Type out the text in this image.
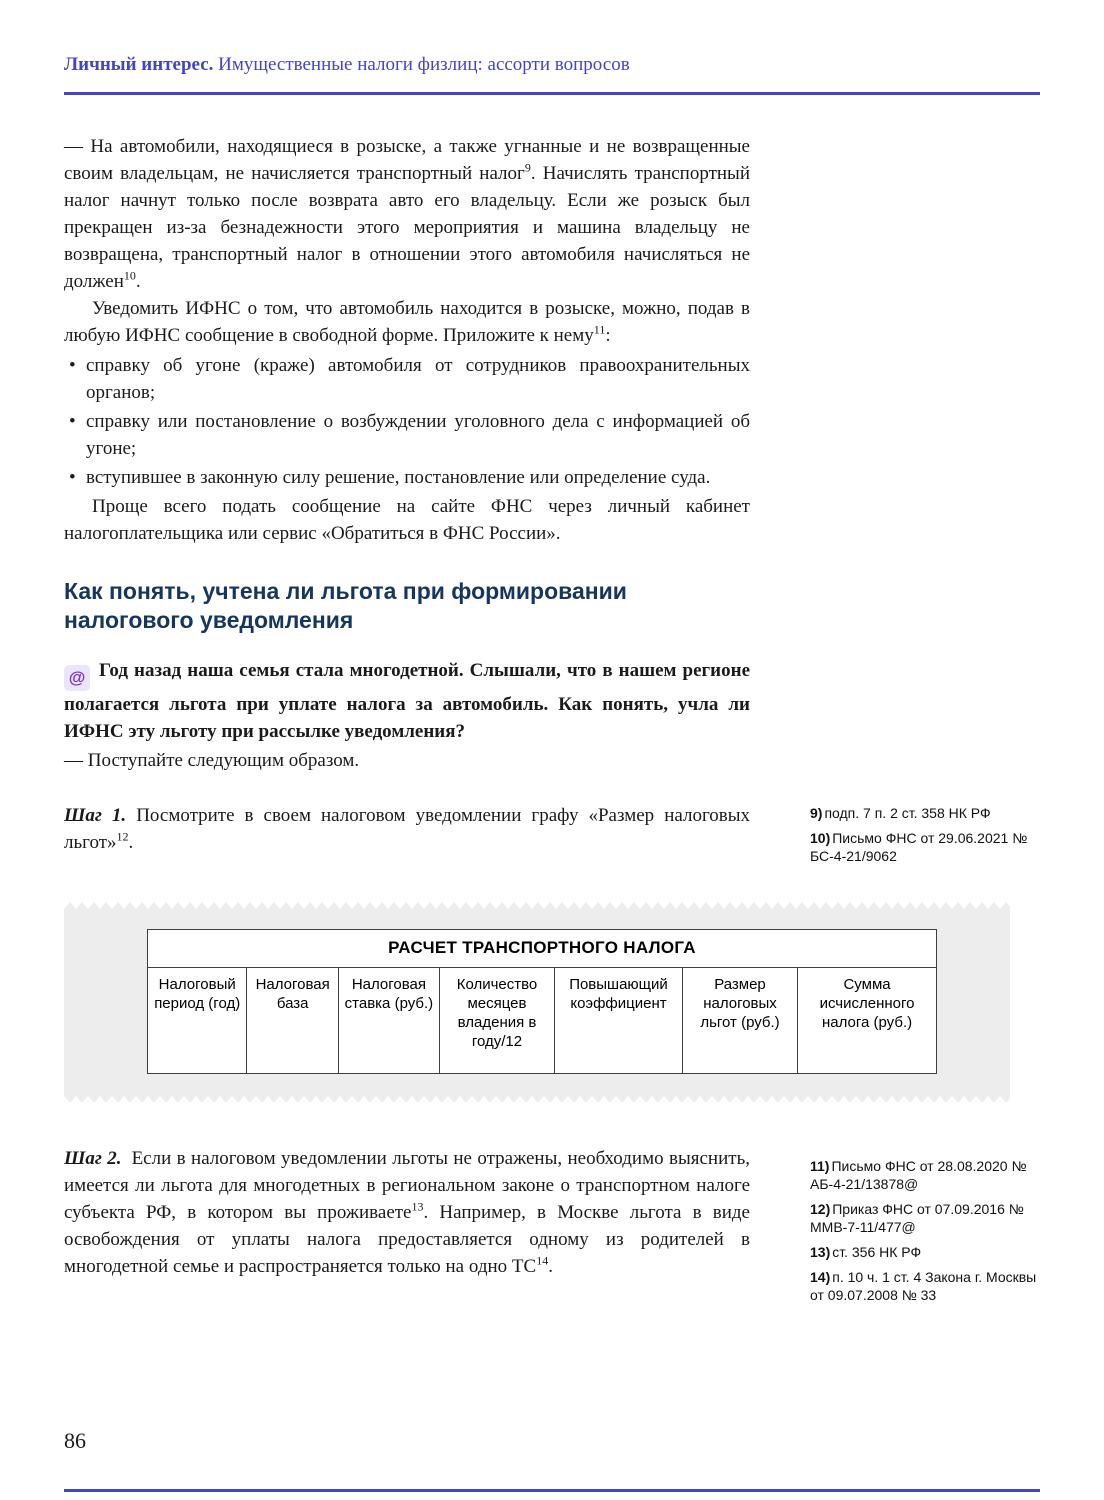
Личный интерес. Имущественные налоги физлиц: ассорти вопросов

— На автомобили, находящиеся в розыске, а также угнанные и не возвращенные своим владельцам, не начисляется транспортный налог$^9$. Начислять транспортный налог начнут только после возврата авто его владельцу. Если же розыск был прекращен из-за безнадежности этого мероприятия и машина владельцу не возвращена, транспортный налог в отношении этого автомобиля начисляться не должен$^{10}$.

Уведомить ИФНС о том, что автомобиль находится в розыске, можно, подав в любую ИФНС сообщение в свободной форме. Приложите к нему$^{11}$:

• справку об угоне (краже) автомобиля от сотрудников правоохранительных органов;
• справку или постановление о возбуждении уголовного дела с информацией об угоне;
• вступившее в законную силу решение, постановление или определение суда.

Проще всего подать сообщение на сайте ФНС через личный кабинет налогоплательщика или сервис «Обратиться в ФНС России».

Как понять, учтена ли льгота при формировании налогового уведомления

@ Год назад наша семья стала многодетной. Слышали, что в нашем регионе полагается льгота при уплате налога за автомобиль. Как понять, учла ли ИФНС эту льготу при рассылке уведомления?

— Поступайте следующим образом.

Шаг 1. Посмотрите в своем налоговом уведомлении графу «Размер налоговых льгот»$^{12}$.

9) подп. 7 п. 2 ст. 358 НК РФ
10) Письмо ФНС от 29.06.2021 № БС-4-21/9062
РАСЧЕТ ТРАНСПОРТНОГО НАЛОГА
Налоговый период (год)	Налоговая база	Налоговая ставка (руб.)	Количество месяцев владения в году/12	Повышающий коэффициент	Размер налоговых льгот (руб.)	Сумма исчисленного налога (руб.)

Шаг 2. Если в налоговом уведомлении льготы не отражены, необходимо выяснить, имеется ли льгота для многодетных в региональном законе о транспортном налоге субъекта РФ, в котором вы проживаете$^{13}$. Например, в Москве льгота в виде освобождения от уплаты налога предоставляется одному из родителей в многодетной семье и распространяется только на одно ТС$^{14}$.

11) Письмо ФНС от 28.08.2020 № АБ-4-21/13878@
12) Приказ ФНС от 07.09.2016 № ММВ-7-11/477@
13) ст. 356 НК РФ
14) п. 10 ч. 1 ст. 4 Закона г. Москвы от 09.07.2008 № 33
86
